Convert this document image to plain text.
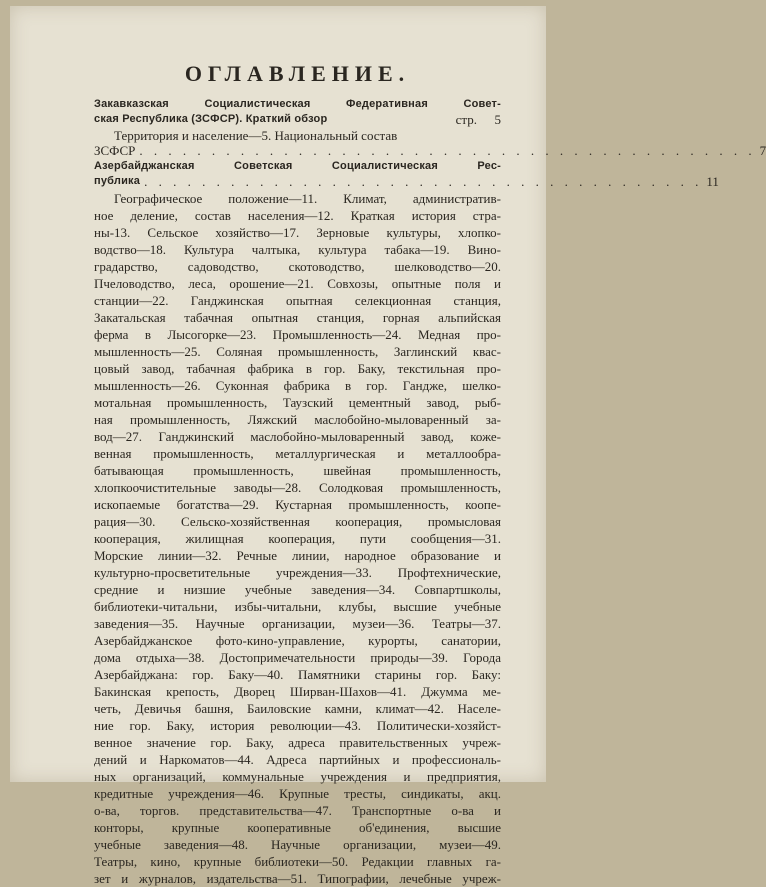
ОГЛАВЛЕНИЕ.
Закавказская Социалистическая Федеративная Совет-
ская Республика (ЗСФСР). Краткий обзор	стр.	5

Территория и население—5. Национальный состав

ЗСФСР . . . . . . . . . . . . . . . . . . . . . . . . . . . . . . . . . . . . . . . . . . . 7
Азербайджанская Советская Социалистическая Рес-
публика . . . . . . . . . . . . . . . . . . . . . . . . . . . . . . . . . . . . . . . 11
Географическое положение—11. Климат, административ-
ное деление, состав населения—12. Краткая история стра-
ны-13. Сельское хозяйство—17. Зерновые культуры, хлопко-
водство—18. Культура чалтыка, культура табака—19. Вино-
градарство, садоводство, скотоводство, шелководство—20.
Пчеловодство, леса, орошение—21. Совхозы, опытные поля и
станции—22. Ганджинская опытная селекционная станция,
Закатальская табачная опытная станция, горная альпийская
ферма в Лысогорке—23. Промышленность—24. Медная про-
мышленность—25. Соляная промышленность, Заглинский квас-
цовый завод, табачная фабрика в гор. Баку, текстильная про-
мышленность—26. Суконная фабрика в гор. Гандже, шелко-
мотальная промышленность, Таузский цементный завод, рыб-
ная промышленность, Ляжский маслобойно-мыловаренный за-
вод—27. Ганджинский маслобойно-мыловаренный завод, коже-
венная промышленность, металлургическая и металлообра-
батывающая промышленность, швейная промышленность,
хлопкоочистительные заводы—28. Солодковая промышленность,
ископаемые богатства—29. Кустарная промышленность, коопе-
рация—30. Сельско-хозяйственная кооперация, промысловая
кооперация, жилищная кооперация, пути сообщения—31.
Морские линии—32. Речные линии, народное образование и
культурно-просветительные учреждения—33. Профтехнические,
средние и низшие учебные заведения—34. Совпартшколы,
библиотеки-читальни, избы-читальни, клубы, высшие учебные
заведения—35. Научные организации, музеи—36. Театры—37.
Азербайджанское фото-кино-управление, курорты, санатории,
дома отдыха—38. Достопримечательности природы—39. Города
Азербайджана: гор. Баку—40. Памятники старины гор. Баку:
Бакинская крепость, Дворец Ширван-Шахов—41. Джумма ме-
четь, Девичья башня, Баиловские камни, климат—42. Населе-
ние гор. Баку, история революции—43. Политически-хозяйст-
венное значение гор. Баку, адреса правительственных учреж-
дений и Наркоматов—44. Адреса партийных и профессиональ-
ных организаций, коммунальные учреждения и предприятия,
кредитные учреждения—46. Крупные тресты, синдикаты, акц.
о-ва, торгов. представительства—47. Транспортные о-ва и
конторы, крупные кооперативные об'единения, высшие
учебные заведения—48. Научные организации, музеи—49.
Театры, кино, крупные библиотеки—50. Редакции главных га-
зет и журналов, издательства—51. Типографии, лечебные учреж-
